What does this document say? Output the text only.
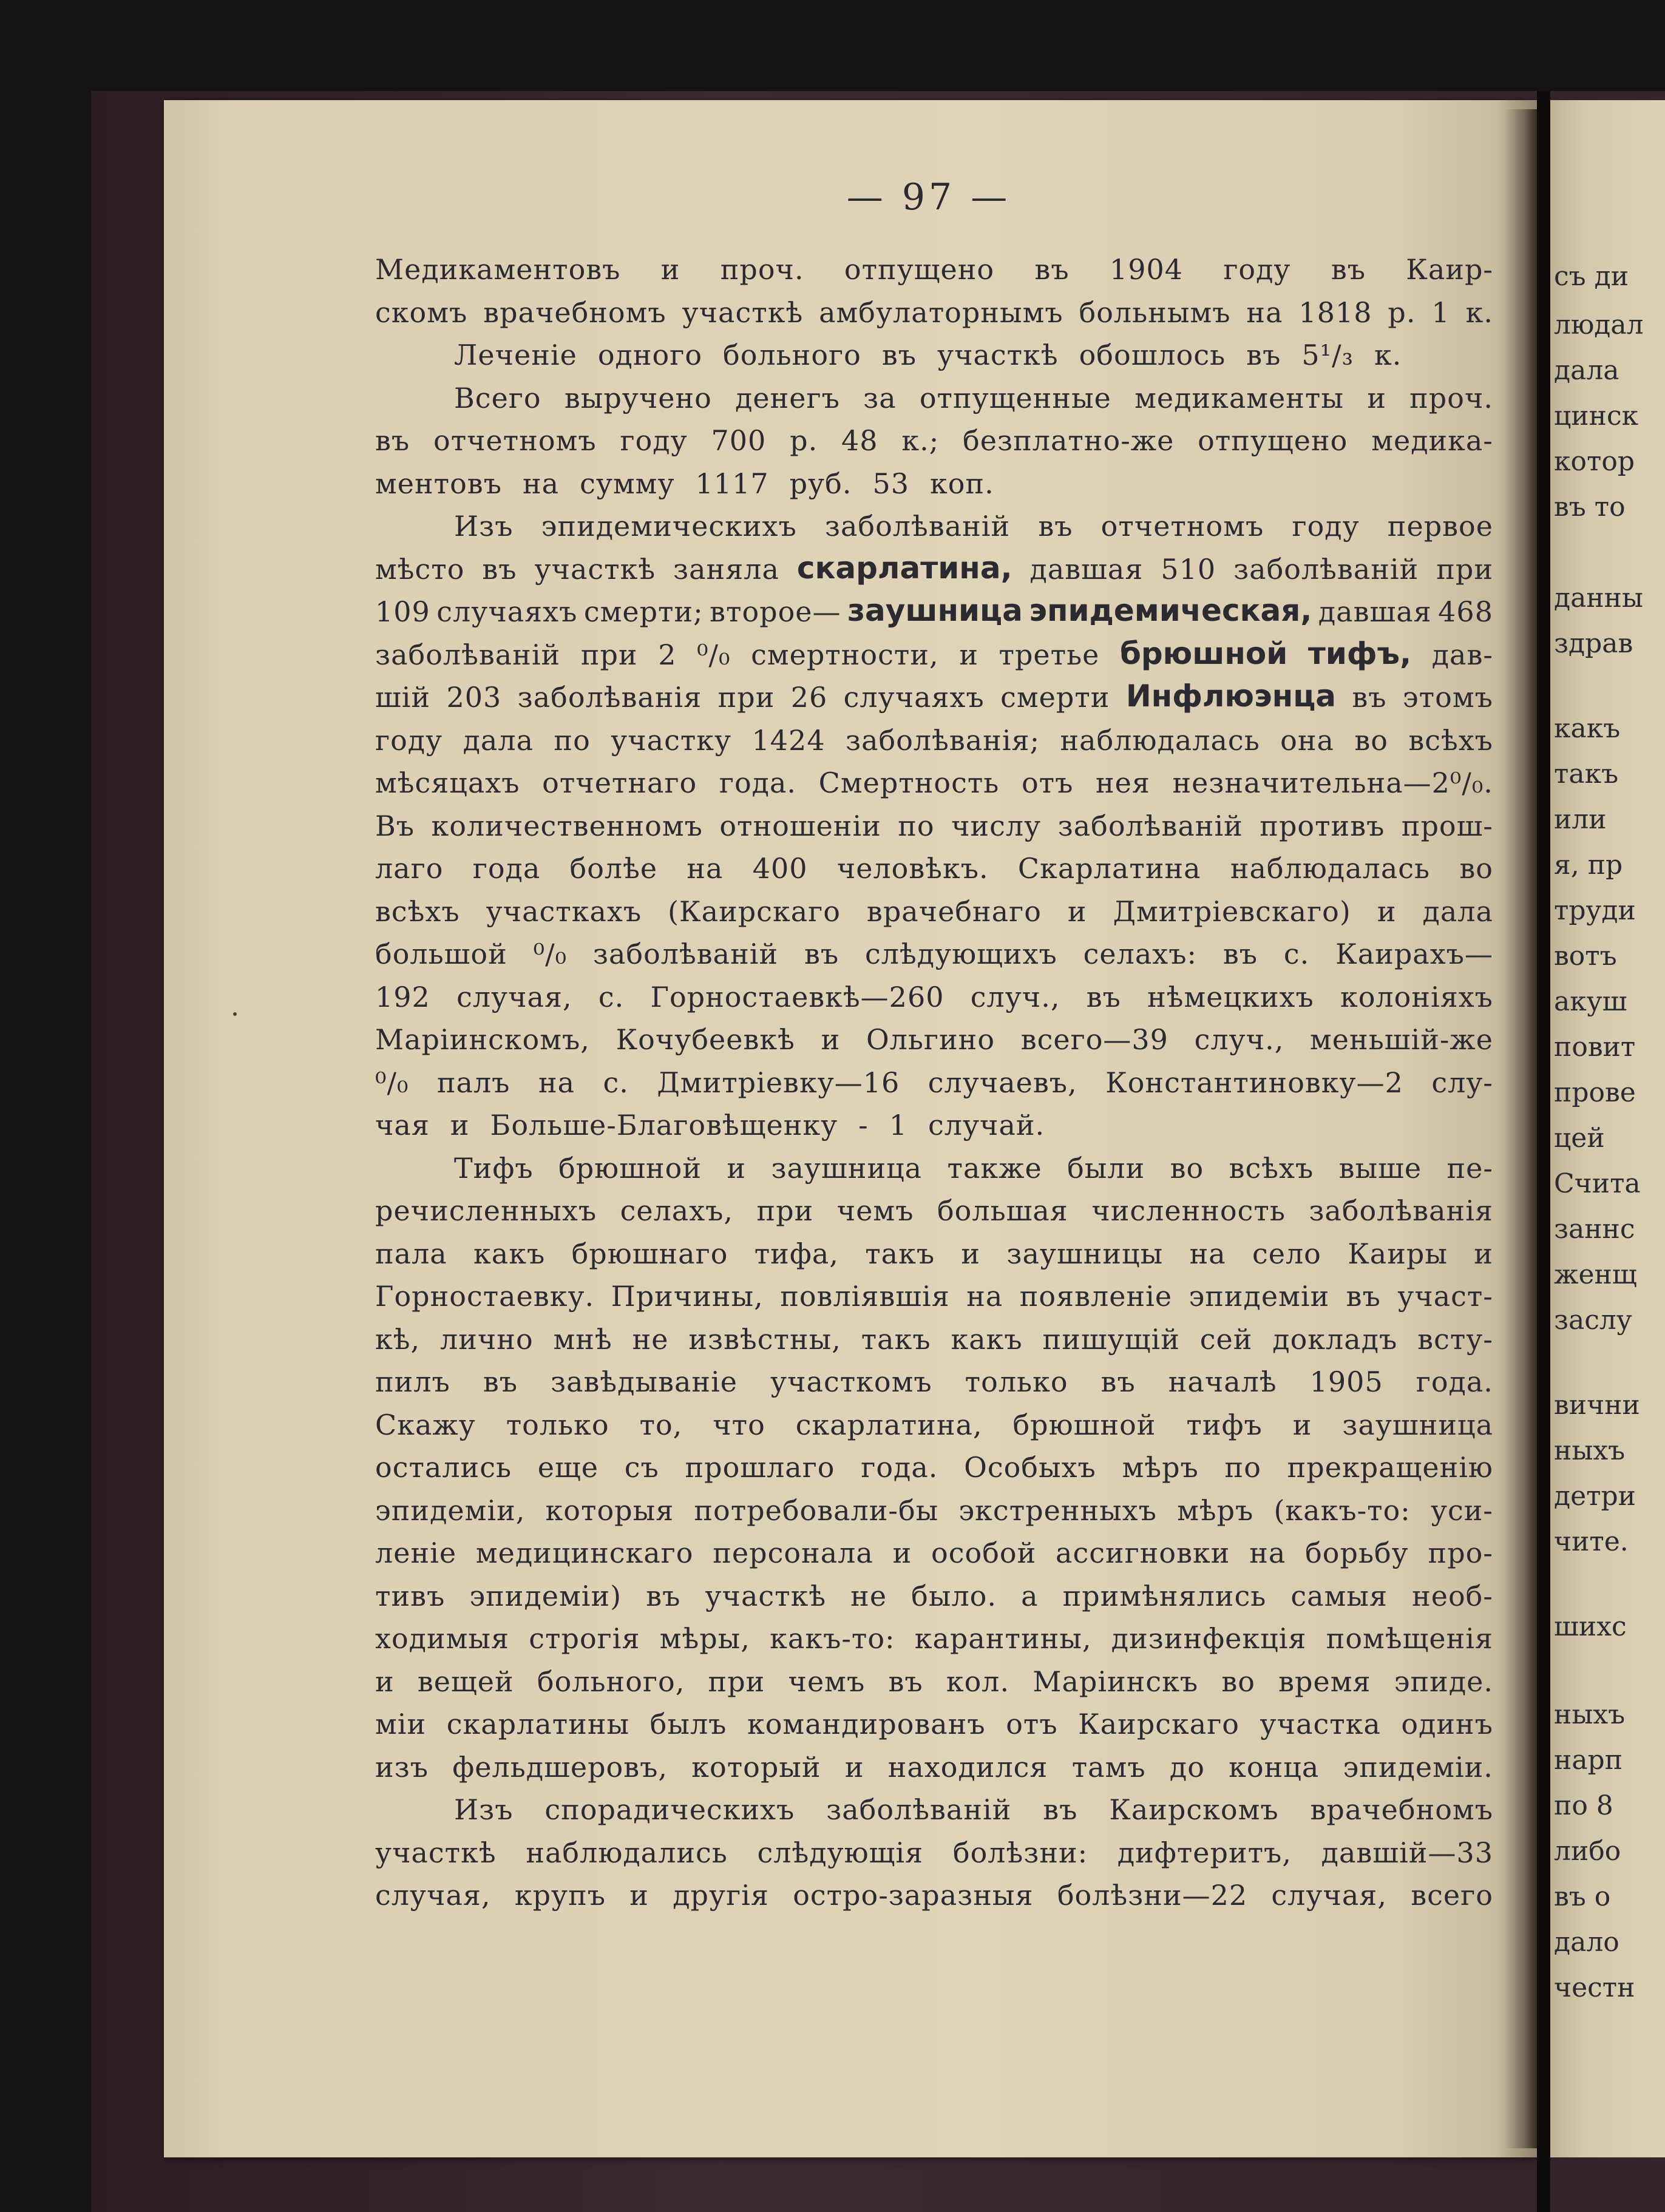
— 97 —
Медикаментовъ и проч. отпущено въ 1904 году въ Каир-
скомъ врачебномъ участкѣ амбулаторнымъ больнымъ на 1818 р. 1 к.
Леченіе одного больного въ участкѣ обошлось въ 5¹/₃ к.
Всего выручено денегъ за отпущенные медикаменты и проч.
въ отчетномъ году 700 р. 48 к.; безплатно-же отпущено медика-
ментовъ на сумму 1117 руб. 53 коп.
Изъ эпидемическихъ заболѣваній въ отчетномъ году первое
мѣсто въ участкѣ заняла скарлатина, давшая 510 заболѣваній при
109 случаяхъ смерти; второе— заушница эпидемическая, давшая 468
заболѣваній при 2 ⁰/₀ смертности, и третье брюшной тифъ, дав-
шій 203 заболѣванія при 26 случаяхъ смерти Инфлюэнца въ этомъ
году дала по участку 1424 заболѣванія; наблюдалась она во всѣхъ
мѣсяцахъ отчетнаго года. Смертность отъ нея незначительна—2⁰/₀.
Въ количественномъ отношеніи по числу заболѣваній противъ прош-
лаго года болѣе на 400 человѣкъ. Скарлатина наблюдалась во
всѣхъ участкахъ (Каирскаго врачебнаго и Дмитріевскаго) и дала
большой ⁰/₀ заболѣваній въ слѣдующихъ селахъ: въ с. Каирахъ—
192 случая, с. Горностаевкѣ—260 случ., въ нѣмецкихъ колоніяхъ
Маріинскомъ, Кочубеевкѣ и Ольгино всего—39 случ., меньшій-же
⁰/₀ палъ на с. Дмитріевку—16 случаевъ, Константиновку—2 слу-
чая и Больше-Благовѣщенку - 1 случай.
Тифъ брюшной и заушница также были во всѣхъ выше пе-
речисленныхъ селахъ, при чемъ большая численность заболѣванія
пала какъ брюшнаго тифа, такъ и заушницы на село Каиры и
Горностаевку. Причины, повліявшія на появленіе эпидеміи въ участ-
кѣ, лично мнѣ не извѣстны, такъ какъ пишущій сей докладъ всту-
пилъ въ завѣдываніе участкомъ только въ началѣ 1905 года.
Скажу только то, что скарлатина, брюшной тифъ и заушница
остались еще съ прошлаго года. Особыхъ мѣръ по прекращенію
эпидеміи, которыя потребовали-бы экстренныхъ мѣръ (какъ-то: уси-
леніе медицинскаго персонала и особой ассигновки на борьбу про-
тивъ эпидеміи) въ участкѣ не было. а примѣнялись самыя необ-
ходимыя строгія мѣры, какъ-то: карантины, дизинфекція помѣщенія
и вещей больного, при чемъ въ кол. Маріинскъ во время эпиде.
міи скарлатины былъ командированъ отъ Каирскаго участка одинъ
изъ фельдшеровъ, который и находился тамъ до конца эпидеміи.
Изъ спорадическихъ заболѣваній въ Каирскомъ врачебномъ
участкѣ наблюдались слѣдующія болѣзни: дифтеритъ, давшій—33
случая, крупъ и другія остро-заразныя болѣзни—22 случая, всего
съ ди
людал
дала
цинск
котор
въ то
данны
здрав
какъ
такъ
или
я, пр
труди
вотъ
акуш
повит
прове
цей
Счита
заннс
женщ
заслу
вични
ныхъ
детри
чите.
шихс
ныхъ
нарп
по 8
либо
въ о
дало
честн
